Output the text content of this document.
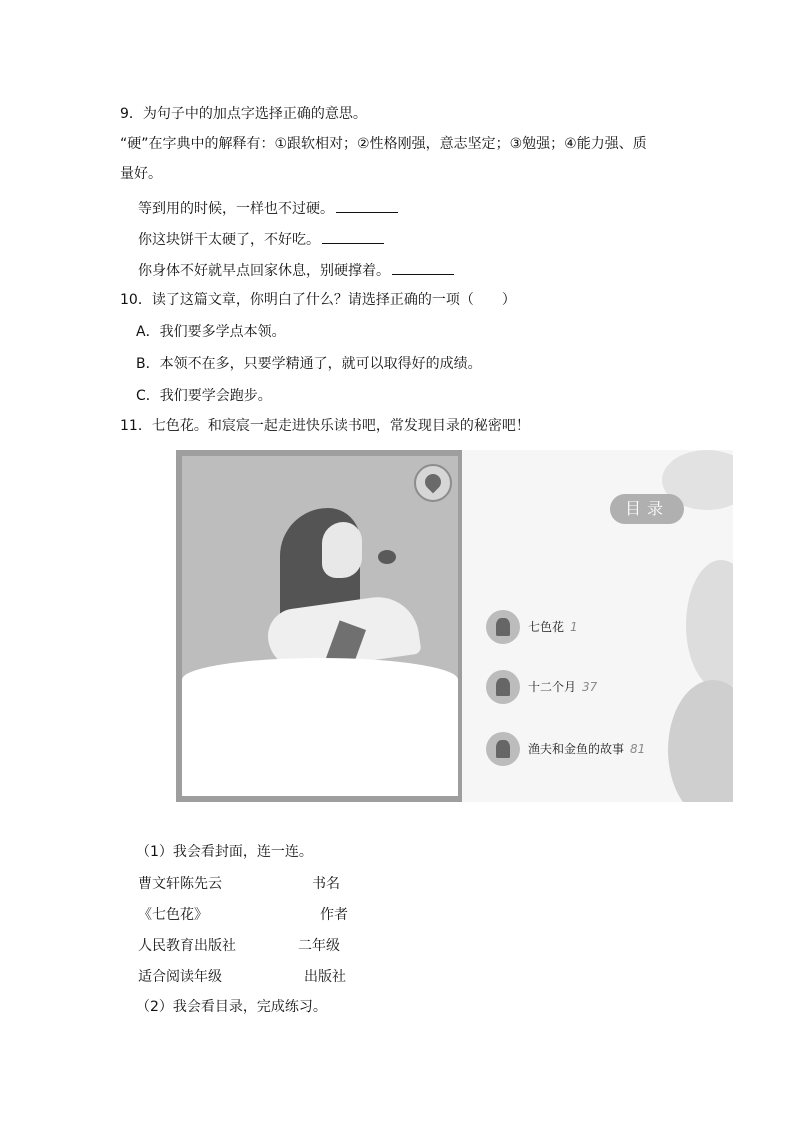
9．为句子中的加点字选择正确的意思。
“硬”在字典中的解释有：①跟软相对；②性格刚强，意志坚定；③勉强；④能力强、质
量好。
等到用的时候，一样也不过硬。
你这块饼干太硬了，不好吃。
你身体不好就早点回家休息，别硬撑着。
10．读了这篇文章，你明白了什么？请选择正确的一项（　　）
A．我们要多学点本领。
B．本领不在多，只要学精通了，就可以取得好的成绩。
C．我们要学会跑步。
11．七色花。和宸宸一起走进快乐读书吧，常发现目录的秘密吧！
目录
七色花 1
十二个月 37
渔夫和金鱼的故事 81
（1）我会看封面，连一连。
曹文轩陈先云	书名
《七色花》	作者
人民教育出版社	二年级
适合阅读年级	出版社
（2）我会看目录，完成练习。
